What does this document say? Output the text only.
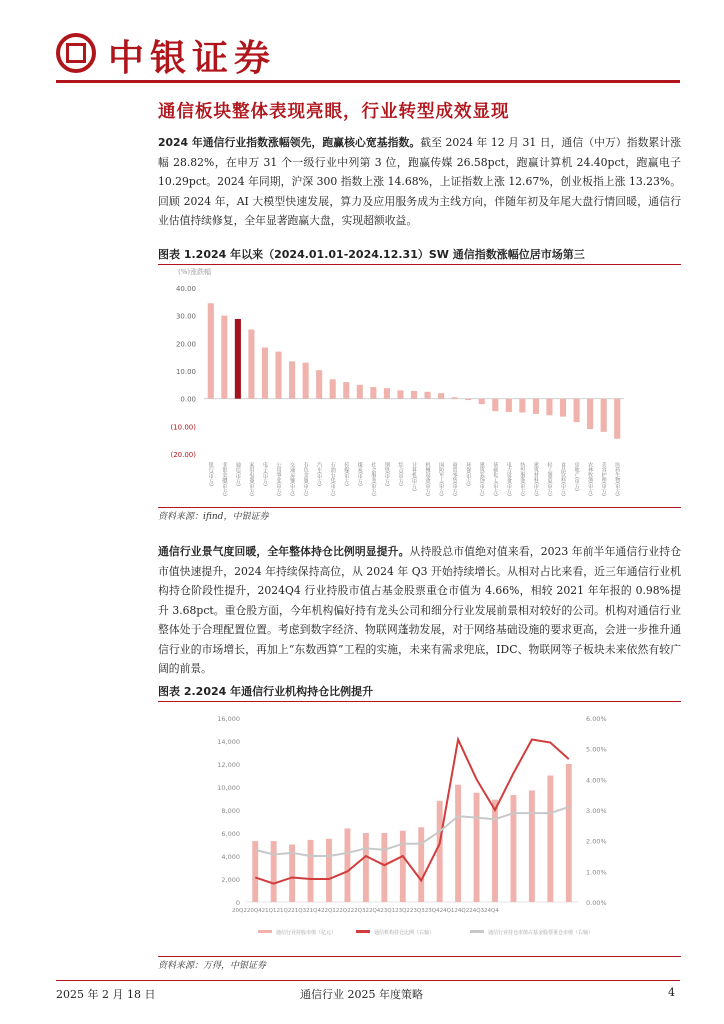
中银证券
通信板块整体表现亮眼，行业转型成效显现
2024 年通信行业指数涨幅领先，跑赢核心宽基指数。截至 2024 年 12 月 31 日，通信（中万）指数累计涨幅 28.82%，在申万 31 个一级行业中列第 3 位，跑赢传媒 26.58pct，跑赢计算机 24.40pct，跑赢电子 10.29pct。2024 年同期，沪深 300 指数上涨 14.68%，上证指数上涨 12.67%，创业板指上涨 13.23%。回顾 2024 年，AI 大模型快速发展，算力及应用服务成为主线方向，伴随年初及年尾大盘行情回暖，通信行业估值持续修复，全年显著跑赢大盘，实现超额收益。
图表 1.2024 年以来（2024.01.01-2024.12.31）SW 通信指数涨幅位居市场第三
(%)涨跌幅
40.00
30.00
20.00
10.00
0.00
(10.00)
(20.00)
银行(申万) 非银金融(申万) 通信(申万) 家用电器(申万) 电子(申万) 公用事业(申万) 交通运输(申万) 有色金属(申万) 汽车(申万) 石油石化(申万) 传媒(申万) 煤炭(申万) 社会服务(申万) 钢铁(申万) 综合(申万) 计算机(申万) 机械设备(申万) 国防军工(申万) 商贸零售(申万) 环保(申万) 建筑装饰(申万) 基础化工(申万) 电力设备(申万) 纺织服饰(申万) 建筑材料(申万) 轻工制造(申万) 食品饮料(申万) 房地产(申万) 农林牧渔(申万) 美容护理(申万) 医药生物(申万)
资料来源：ifind，中银证券
通信行业景气度回暖，全年整体持仓比例明显提升。从持股总市值绝对值来看，2023 年前半年通信行业持仓市值快速提升，2024 年持续保持高位，从 2024 年 Q3 开始持续增长。从相对占比来看，近三年通信行业机构持仓阶段性提升，2024Q4 行业持股市值占基金股票重仓市值为 4.66%，相较 2021 年年报的 0.98%提升 3.68pct。重仓股方面，今年机构偏好持有龙头公司和细分行业发展前景相对较好的公司。机构对通信行业整体处于合理配置位置。考虑到数字经济、物联网蓬勃发展，对于网络基础设施的要求更高，会进一步推升通信行业的市场增长，再加上“东数西算”工程的实施，未来有需求兜底，IDC、物联网等子板块未来依然有较广阔的前景。
图表 2.2024 年通信行业机构持仓比例提升
16,000
14,000
12,000
10,000
8,000
6,000
4,000
2,000
0
6.00%
5.00%
4.00%
3.00%
2.00%
1.00%
0.00%
20Q220Q421Q121Q221Q321Q422Q122Q222Q322Q423Q123Q223Q323Q424Q124Q224Q324Q4
通信行业持股市值（亿元）	通信机构持仓比例（右轴）	通信行业持仓市值占基金股票重仓市值（右轴）
资料来源：万得，中银证券
2025 年 2 月 18 日	通信行业 2025 年度策略	4
